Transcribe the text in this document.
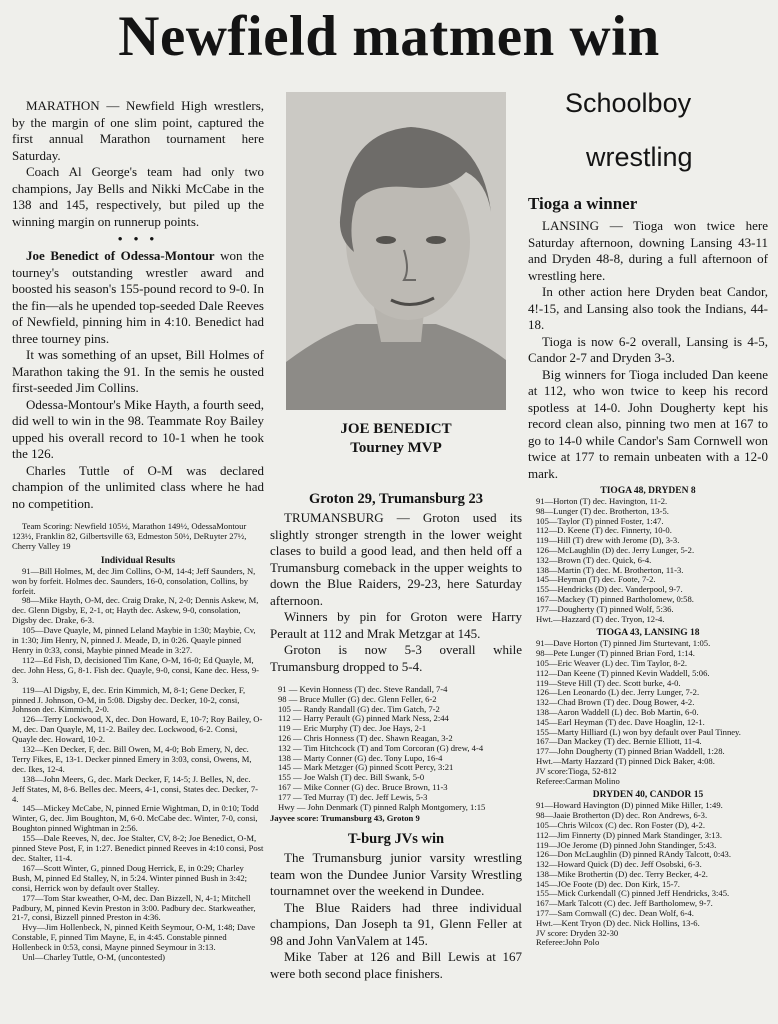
Newfield matmen win

MARATHON — Newfield High wrestlers, by the margin of one slim point, captured the first annual Marathon tournament here Saturday.

Coach Al George's team had only two champions, Jay Bells and Nikki McCabe in the 138 and 145, respectively, but piled up the winning margin on runnerup points.

• • •

Joe Benedict of Odessa-Montour won the tourney's outstanding wrestler award and boosted his season's 155-pound record to 9-0. In the fin—als he upended top-seeded Dale Reeves of Newfield, pinning him in 4:10. Benedict had three tourney pins.

It was something of an upset, Bill Holmes of Marathon taking the 91. In the semis he ousted first-seeded Jim Collins.

Odessa-Montour's Mike Hayth, a fourth seed, did well to win in the 98. Teammate Roy Bailey upped his overall record to 10-1 when he took the 126.

Charles Tuttle of O-M was declared champion of the unlimited class where he had no competition.

Team Scoring: Newfield 105½, Marathon 149½, OdessaMontour 123½, Franklin 82, Gilbertsville 63, Edmeston 50½, DeRuyter 27½, Cherry Valley 19

Individual Results

91—Bill Holmes, M, dec Jim Collins, O-M, 14-4; Jeff Saunders, N, won by forfeit. Holmes dec. Saunders, 16-0, consolation, Collins, by forfeit.

98—Mike Hayth, O-M, dec. Craig Drake, N, 2-0; Dennis Askew, M, dec. Glenn Digsby, E, 2-1, ot; Hayth dec. Askew, 9-0, consolation, Digsby dec. Drake, 6-3.

105—Dave Quayle, M, pinned Leland Maybie in 1:30; Maybie, Cv, in 1:30; Jim Henry, N, pinned J. Meade, D, in 0:26. Quayle pinned Henry in 0:33, consi, Maybie pinned Meade in 3:27.

112—Ed Fish, D, decisioned Tim Kane, O-M, 16-0; Ed Quayle, M, dec. John Hess, G, 8-1. Fish dec. Quayle, 9-0, consi, Kane dec. Hess, 9-3.

119—Al Digsby, E, dec. Erin Kimmich, M, 8-1; Gene Decker, F, pinned J. Johnson, O-M, in 5:08. Digsby dec. Decker, 10-2, consi, Johnson dec. Kimmich, 2-0.

126—Terry Lockwood, X, dec. Don Howard, E, 10-7; Roy Bailey, O-M, dec. Dan Quayle, M, 11-2. Bailey dec. Lockwood, 6-2. Consi, Quayle dec. Howard, 10-2.

132—Ken Decker, F, dec. Bill Owen, M, 4-0; Bob Emery, N, dec. Terry Fikes, E, 13-1. Decker pinned Emery in 3:03, consi, Owens, M, dec. Ikes, 12-4.

138—John Meers, G, dec. Mark Decker, F, 14-5; J. Belles, N, dec. Jeff States, M, 8-6. Belles dec. Meers, 4-1, consi, States dec. Decker, 7-4.

145—Mickey McCabe, N, pinned Ernie Wightman, D, in 0:10; Todd Winter, G, dec. Jim Boughton, M, 6-0. McCabe dec. Winter, 7-0, consi, Boughton pinned Wightman in 2:56.

155—Dale Reeves, N, dec. Joe Stalter, CV, 8-2; Joe Benedict, O-M, pinned Steve Post, F, in 1:27. Benedict pinned Reeves in 4:10 consi, Post dec. Stalter, 11-4.

167—Scott Winter, G, pinned Doug Herrick, E, in 0:29; Charley Bush, M, pinned Ed Stalley, N, in 5:24. Winter pinned Bush in 3:42; consi, Herrick won by default over Stalley.

177—Tom Star kweather, O-M, dec. Dan Bizzell, N, 4-1; Mitchell Padbury, M, pinned Kevin Preston in 3:00. Padbury dec. Starkweather, 21-7, consi, Bizzell pinned Preston in 4:36.

Hvy—Jim Hollenbeck, N, pinned Keith Seymour, O-M, 1:48; Dave Constable, F, pinned Tim Mayne, E, in 4:45. Constable pinned Hollenbeck in 0:53, consi, Mayne pinned Seymour in 3:13.

Unl—Charley Tuttle, O-M, (uncontested)

JOE BENEDICT
Tourney MVP
Groton 29, Trumansburg 23

TRUMANSBURG — Groton used its slightly stronger strength in the lower weight clases to build a good lead, and then held off a Trumansburg comeback in the upper weights to down the Blue Raiders, 29-23, here Saturday afternoon.

Winners by pin for Groton were Harry Perault at 112 and Mrak Metzgar at 145.

Groton is now 5-3 overall while Trumansburg dropped to 5-4.

91 — Kevin Honness (T) dec. Steve Randall, 7-4

98 — Bruce Muller (G) dec. Glenn Feller, 6-2

105 — Randy Randall (G) dec. Tim Gatch, 7-2

112 — Harry Perault (G) pinned Mark Ness, 2:44

119 — Eric Murphy (T) dec. Joe Hays, 2-1

126 — Chris Honness (T) dec. Shawn Reagan, 3-2

132 — Tim Hitchcock (T) and Tom Corcoran (G) drew, 4-4

138 — Marty Conner (G) dec. Tony Lupo, 16-4

145 — Mark Metzger (G) pinned Scott Percy, 3:21

155 — Joe Walsh (T) dec. Bill Swank, 5-0

167 — Mike Conner (G) dec. Bruce Brown, 11-3

177 — Ted Murray (T) dec. Jeff Lewis, 5-3

Hwy — John Denmark (T) pinned Ralph Montgomery, 1:15

Jayvee score: Trumansburg 43, Groton 9

T-burg JVs win

The Trumansburg junior varsity wrestling team won the Dundee Junior Varsity Wrestling tournamnet over the weekend in Dundee.

The Blue Raiders had three individual champions, Dan Joseph ta 91, Glenn Feller at 98 and John VanValem at 145.

Mike Taber at 126 and Bill Lewis at 167 were both second place finishers.

Schoolboy
wrestling
Tioga a winner

LANSING — Tioga won twice here Saturday afternoon, downing Lansing 43-11 and Dryden 48-8, during a full afternoon of wrestling here.

In other action here Dryden beat Candor, 4!-15, and Lansing also took the Indians, 44-18.

Tioga is now 6-2 overall, Lansing is 4-5, Candor 2-7 and Dryden 3-3.

Big winners for Tioga included Dan keene at 112, who won twice to keep his record spotless at 14-0. John Dougherty kept his record clean also, pinning two men at 167 to go to 14-0 while Candor's Sam Cornwell won twice at 177 to remain unbeaten with a 12-0 mark.

TIOGA 48, DRYDEN 8

91—Horton (T) dec. Havington, 11-2.

98—Lunger (T) dec. Brotherton, 13-5.

105—Taylor (T) pinned Foster, 1:47.

112—D. Keene (T) dec. Finnerty, 10-0.

119—Hill (T) drew with Jerome (D), 3-3.

126—McLaughlin (D) dec. Jerry Lunger, 5-2.

132—Brown (T) dec. Quick, 6-4.

138—Martin (T) dec. M. Brotherton, 11-3.

145—Heyman (T) dec. Foote, 7-2.

155—Hendricks (D) dec. Vanderpool, 9-7.

167—Mackey (T) pinned Bartholomew, 0:58.

177—Dougherty (T) pinned Wolf, 5:36.

Hwt.—Hazzard (T) dec. Tryon, 12-4.

TIOGA 43, LANSING 18

91—Dave Horton (T) pinned Jim Sturtevant, 1:05.

98—Pete Lunger (T) pinned Brian Ford, 1:14.

105—Eric Weaver (L) dec. Tim Taylor, 8-2.

112—Dan Keene (T) pinned Kevin Waddell, 5:06.

119—Steve Hill (T) dec. Scott burke, 4-0.

126—Len Leonardo (L) dec. Jerry Lunger, 7-2.

132—Chad Brown (T) dec. Doug Bower, 4-2.

138—Aaron Waddell (L) dec. Bob Martin, 6-0.

145—Earl Heyman (T) dec. Dave Hoaglin, 12-1.

155—Marty Hilliard (L) won byy default over Paul Tinney.

167—Dan Mackey (T) dec. Bernie Elliott, 11-4.

177—John Dougherty (T) pinned Brian Waddell, 1:28.

Hwt.—Marty Hazzard (T) pinned Dick Baker, 4:08.

JV score:Tioga, 52-812

Referee:Carman Molino

DRYDEN 40, CANDOR 15

91—Howard Havington (D) pinned Mike Hiller, 1:49.

98—Jaaie Brotherton (D) dec. Ron Andrews, 6-3.

105—Chris Wilcox (C) dec. Ron Foster (D), 4-2.

112—Jim Finnerty (D) pinned Mark Standinger, 3:13.

119—JOe Jerome (D) pinned John Standinger, 5:43.

126—Don McLaughlin (D) pinned RAndy Talcott, 0:43.

132—Howard Quick (D) dec. Jeff Osobski, 6-3.

138—Mike Brothertin (D) dec. Terry Becker, 4-2.

145—JOe Foote (D) dec. Don Kirk, 15-7.

155—Mick Curkendall (C) pinned Jeff Hendricks, 3:45.

167—Mark Talcott (C) dec. Jeff Bartholomew, 9-7.

177—Sam Cornwall (C) dec. Dean Wolf, 6-4.

Hwt.—Kent Tryon (D) dec. Nick Hollins, 13-6.

JV score: Dryden 32-30

Referee:John Polo
